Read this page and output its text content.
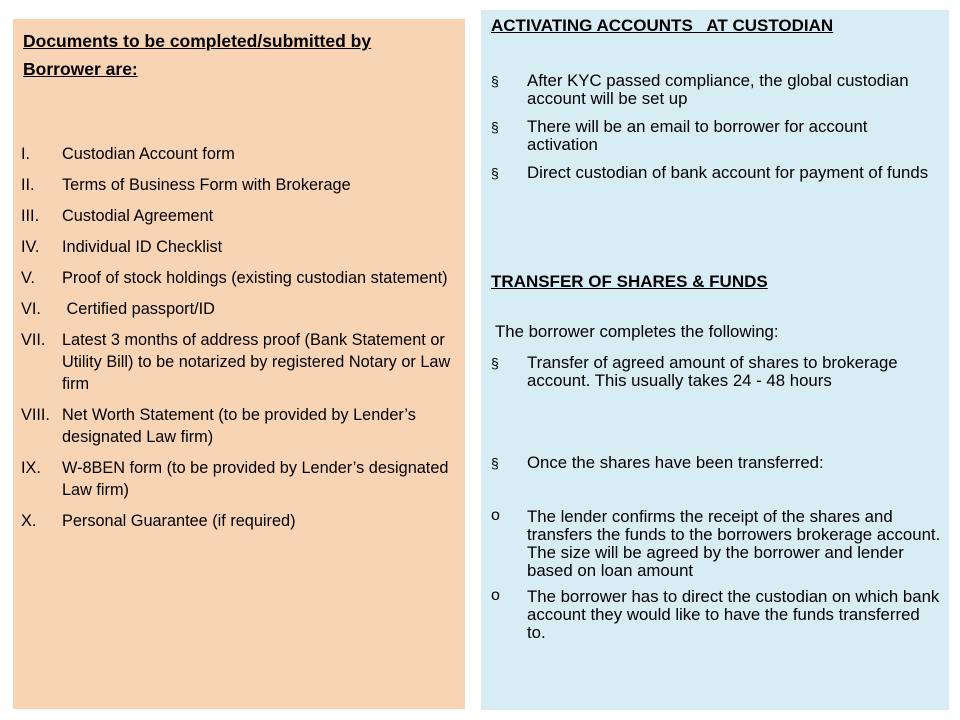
Documents to be completed/submitted by Borrower are:
I. Custodian Account form
II. Terms of Business Form with Brokerage
III. Custodial Agreement
IV. Individual ID Checklist
V. Proof of stock holdings (existing custodian statement)
VI. Certified passport/ID
VII. Latest 3 months of address proof (Bank Statement or Utility Bill) to be notarized by registered Notary or Law firm
VIII. Net Worth Statement (to be provided by Lender’s designated Law firm)
IX. W-8BEN form (to be provided by Lender’s designated Law firm)
X. Personal Guarantee (if required)
ACTIVATING ACCOUNTS   AT CUSTODIAN
§ After KYC passed compliance, the global custodian account will be set up
§ There will be an email to borrower for account activation
§ Direct custodian of bank account for payment of funds
TRANSFER OF SHARES & FUNDS
The borrower completes the following:
§ Transfer of agreed amount of shares to brokerage account. This usually takes 24 - 48 hours
§ Once the shares have been transferred:
o The lender confirms the receipt of the shares and transfers the funds to the borrowers brokerage account. The size will be agreed by the borrower and lender based on loan amount
o The borrower has to direct the custodian on which bank account they would like to have the funds transferred to.
